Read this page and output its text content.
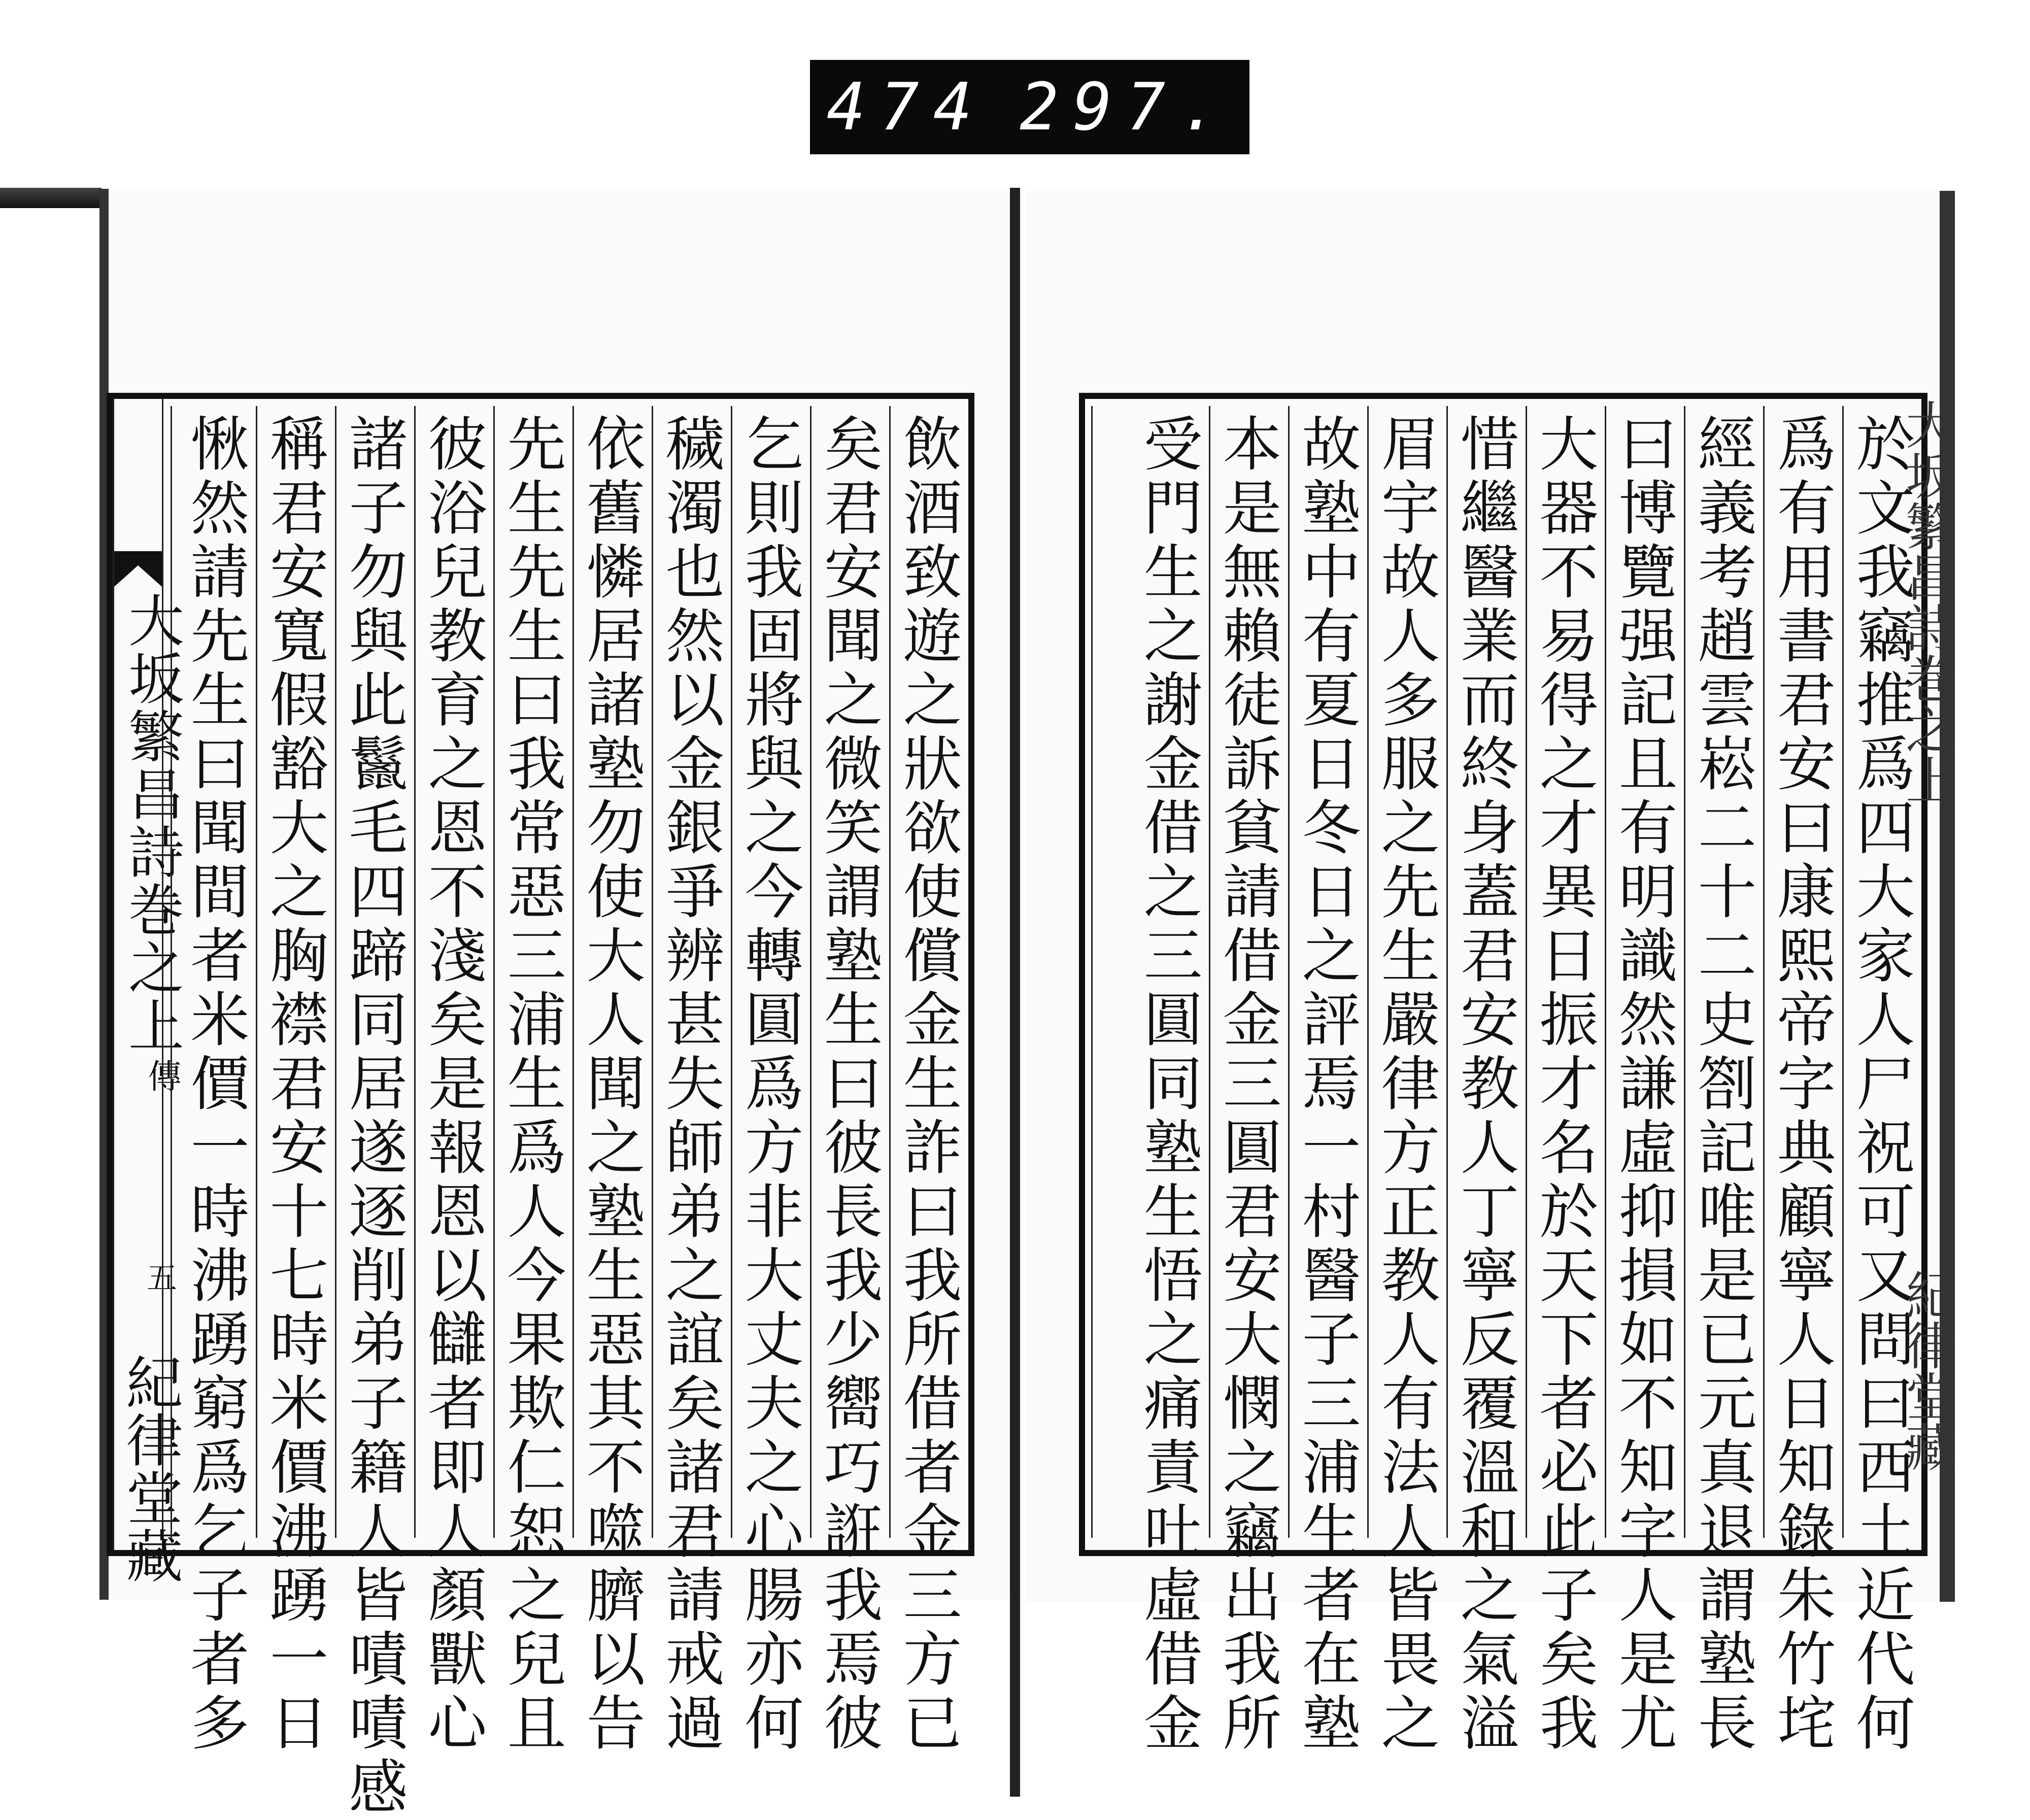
474 297.
大坂繁昌詩巻之上
傳
五
紀律堂藏	飲酒致遊之狀欲使償金生詐曰我所借者金三方已
矣君安聞之微笑謂塾生曰彼長我少嚮巧誑我焉彼
乞則我固將與之今轉圓爲方非大丈夫之心腸亦何
穢濁也然以金銀爭辨甚失師弟之誼矣諸君請戒過
依舊憐居諸塾勿使大人聞之塾生惡其不噬臍以告
先生先生曰我常惡三浦生爲人今果欺仁恕之兒且
彼浴兒教育之恩不淺矣是報恩以讎者即人顏獸心
諸子勿與此鬣毛四蹄同居遂逐削弟子籍人皆嘖嘖感
稱君安寬假豁大之胸襟君安十七時米價沸踴一日
愀然請先生曰聞間者米價一時沸踴窮爲乞子者多	於文我竊推爲四大家人尸祝可又問曰西土近代何
爲有用書君安曰康熙帝字典顧寧人日知錄朱竹垞
經義考趙雲崧二十二史劄記唯是已元真退謂塾長
曰博覽强記且有明識然謙虛抑損如不知字人是尤
大器不易得之才異日振才名於天下者必此子矣我
惜繼醫業而終身蓋君安教人丁寧反覆溫和之氣溢
眉宇故人多服之先生嚴律方正教人有法人皆畏之
故塾中有夏日冬日之評焉一村醫子三浦生者在塾
本是無賴徒訴貧請借金三圓君安大憫之竊出我所
受門生之謝金借之三圓同塾生悟之痛責吐虛借金
